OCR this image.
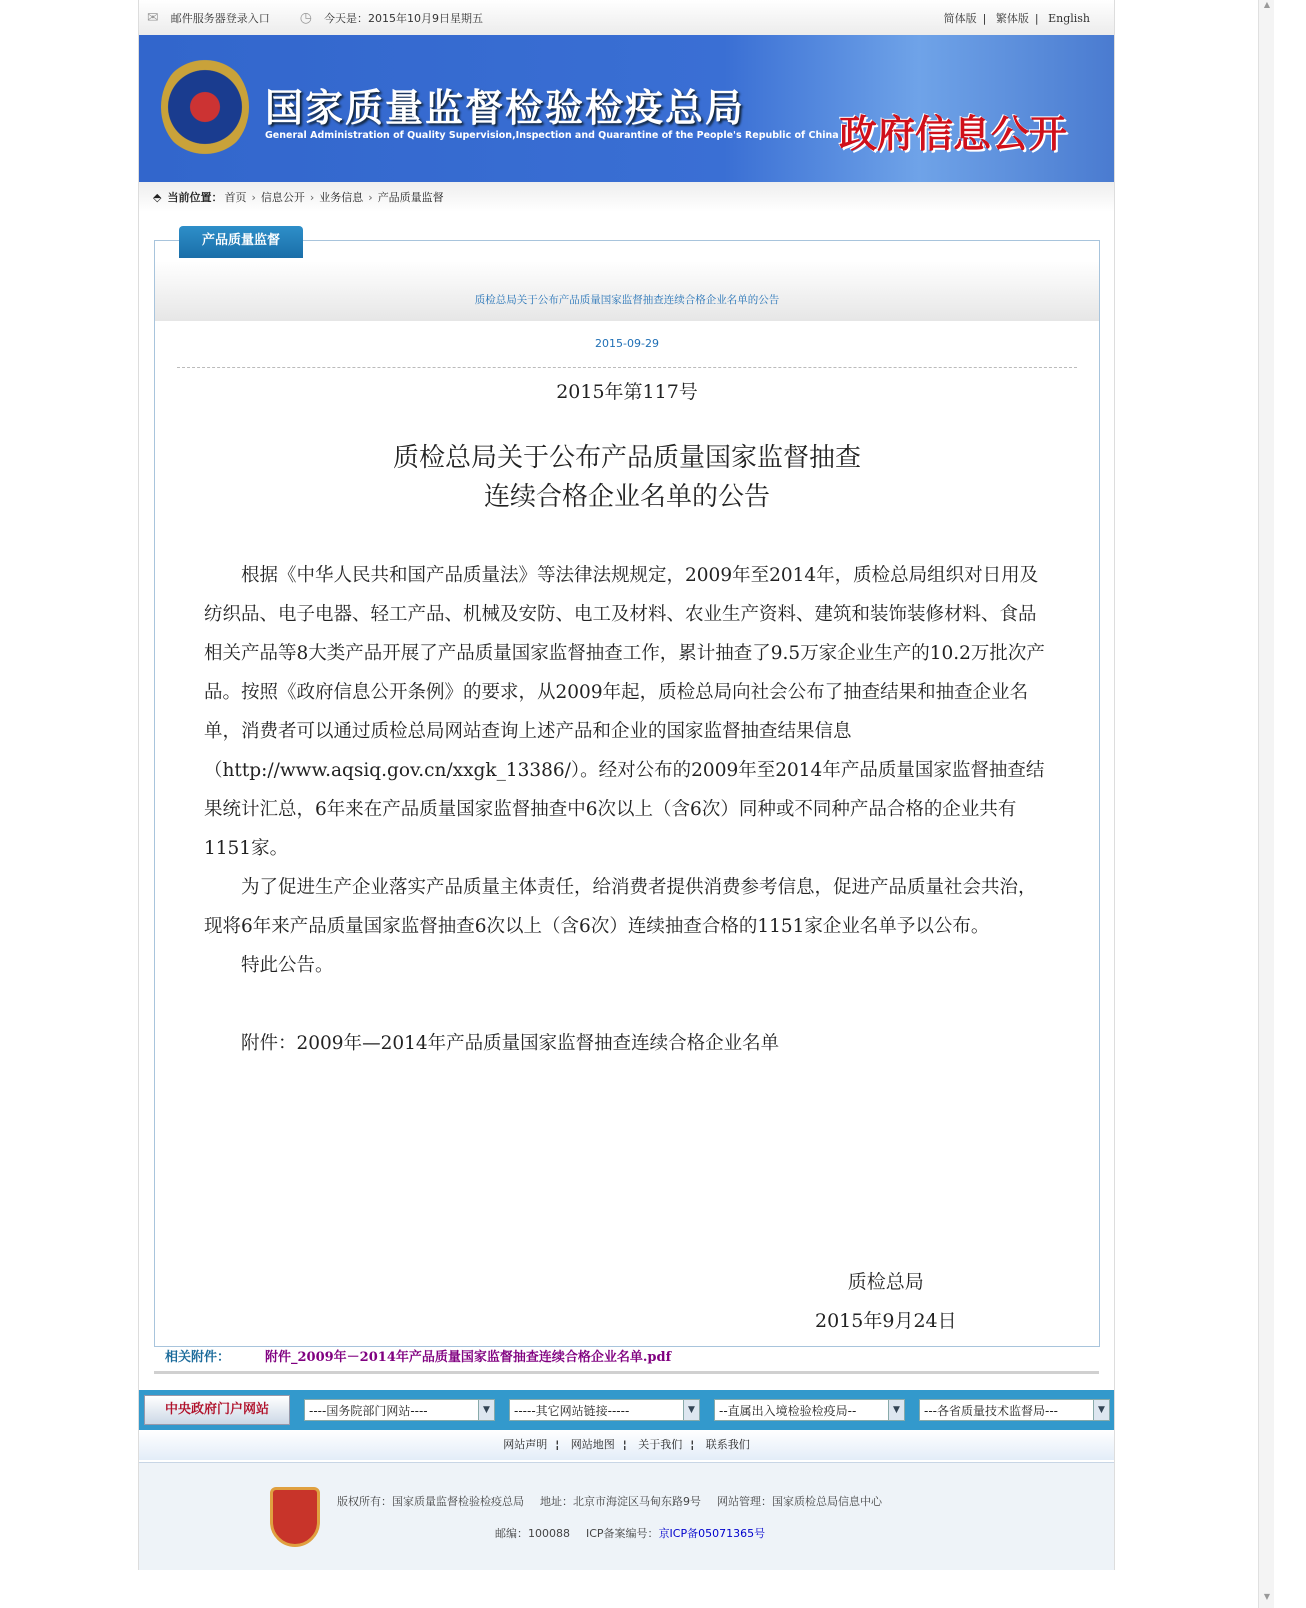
✉ 邮件服务器登录入口 ◷ 今天是：2015年10月9日星期五	简体版 | 繁体版 | English
国家质量监督检验检疫总局
General Administration of Quality Supervision,Inspection and Quarantine of the People's Republic of China 政府信息公开
⬘ 当前位置： 首页 › 信息公开 › 业务信息 › 产品质量监督
产品质量监督
质检总局关于公布产品质量国家监督抽查连续合格企业名单的公告
2015-09-29
2015年第117号
质检总局关于公布产品质量国家监督抽查
连续合格企业名单的公告

根据《中华人民共和国产品质量法》等法律法规规定，2009年至2014年，质检总局组织对日用及纺织品、电子电器、轻工产品、机械及安防、电工及材料、农业生产资料、建筑和装饰装修材料、食品相关产品等8大类产品开展了产品质量国家监督抽查工作，累计抽查了9.5万家企业生产的10.2万批次产品。按照《政府信息公开条例》的要求，从2009年起，质检总局向社会公布了抽查结果和抽查企业名单，消费者可以通过质检总局网站查询上述产品和企业的国家监督抽查结果信息（http://www.aqsiq.gov.cn/xxgk_13386/）。经对公布的2009年至2014年产品质量国家监督抽查结果统计汇总，6年来在产品质量国家监督抽查中6次以上（含6次）同种或不同种产品合格的企业共有1151家。

为了促进生产企业落实产品质量主体责任，给消费者提供消费参考信息，促进产品质量社会共治，现将6年来产品质量国家监督抽查6次以上（含6次）连续抽查合格的1151家企业名单予以公布。

特此公告。

附件：2009年—2014年产品质量国家监督抽查连续合格企业名单

质检总局
2015年9月24日
相关附件：	附件_2009年－2014年产品质量国家监督抽查连续合格企业名单.pdf
中央政府门户网站	----国务院部门网站----	▼	-----其它网站链接-----	▼	--直属出入境检验检疫局--	▼	---各省质量技术监督局---	▼
网站声明 ¦ 网站地图 ¦ 关于我们 ¦ 联系我们
版权所有：国家质量监督检验检疫总局 地址：北京市海淀区马甸东路9号 网站管理：国家质检总局信息中心
邮编：100088 ICP备案编号：京ICP备05071365号
▲
▼
